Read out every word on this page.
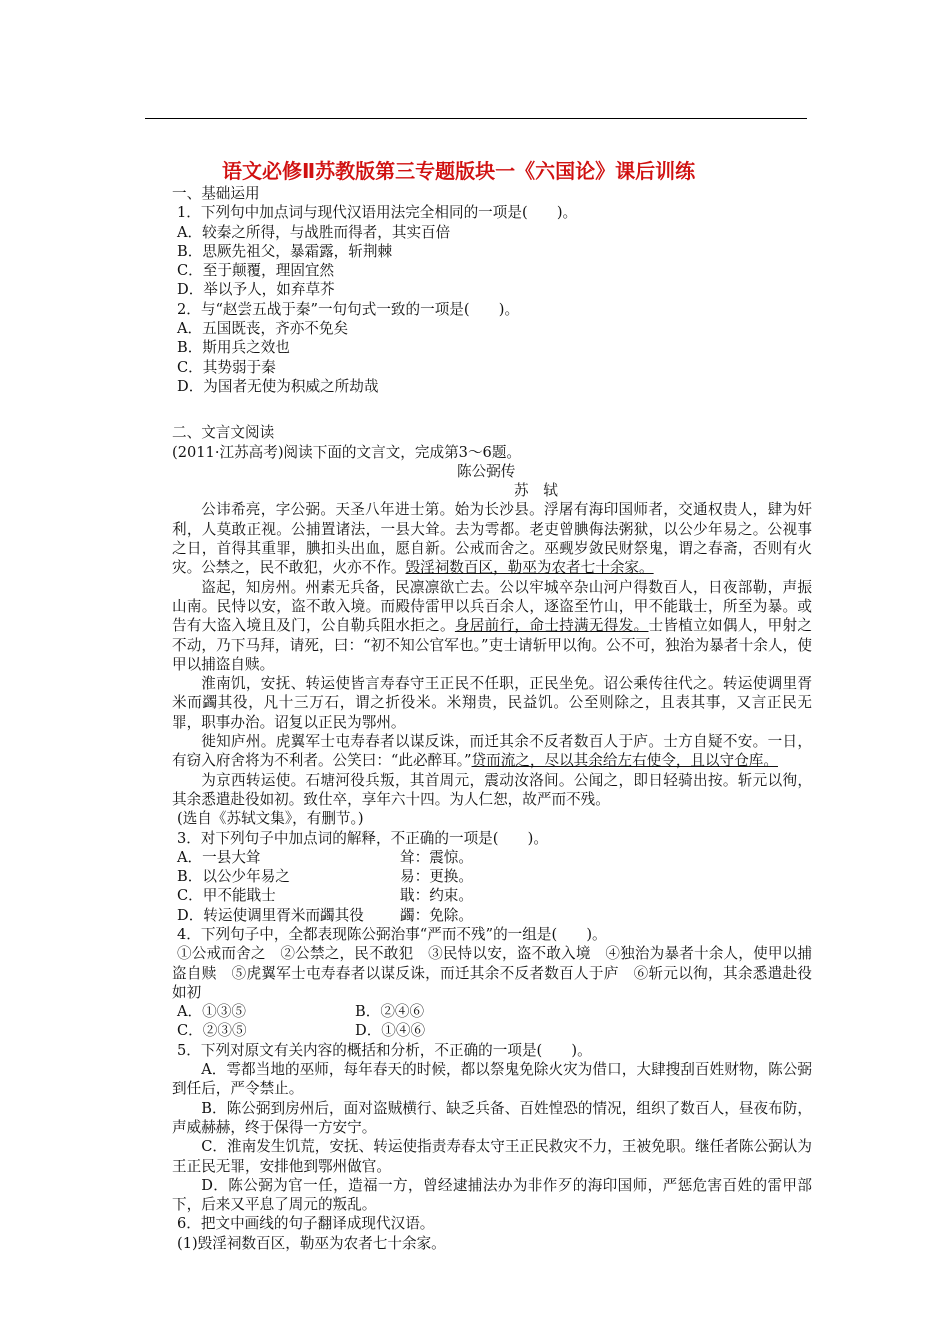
语文必修Ⅱ苏教版第三专题版块一《六国论》课后训练
一、基础运用
1．下列句中加点词与现代汉语用法完全相同的一项是(　　)。
A．较秦之所得，与战胜而得者，其实百倍
B．思厥先祖父，暴霜露，斩荆棘
C．至于颠覆，理固宜然
D．举以予人，如弃草芥
2．与“赵尝五战于秦”一句句式一致的一项是(　　)。
A．五国既丧，齐亦不免矣
B．斯用兵之效也
C．其势弱于秦
D．为国者无使为积威之所劫哉
二、文言文阅读
(2011·江苏高考)阅读下面的文言文，完成第3～6题。
陈公弼传
苏　轼
公讳希亮，字公弼。天圣八年进士第。始为长沙县。浮屠有海印国师者，交通权贵人，肆为奸利，人莫敢正视。公捕置诸法，一县大耸。去为雩都。老吏曾腆侮法粥狱，以公少年易之。公视事之日，首得其重罪，腆扣头出血，愿自新。公戒而舍之。巫觋岁敛民财祭鬼，谓之春斋，否则有火灾。公禁之，民不敢犯，火亦不作。毁淫祠数百区，勒巫为农者七十余家。
盗起，知房州。州素无兵备，民凛凛欲亡去。公以牢城卒杂山河户得数百人，日夜部勒，声振山南。民恃以安，盗不敢入境。而殿侍雷甲以兵百余人，逐盗至竹山，甲不能戢士，所至为暴。或告有大盗入境且及门，公自勒兵阻水拒之。身居前行，命士持满无得发。士皆植立如偶人，甲射之不动，乃下马拜，请死，曰：“初不知公官军也。”吏士请斩甲以徇。公不可，独治为暴者十余人，使甲以捕盗自赎。
淮南饥，安抚、转运使皆言寿春守王正民不任职，正民坐免。诏公乘传往代之。转运使调里胥米而蠲其役，凡十三万石，谓之折役米。米翔贵，民益饥。公至则除之，且表其事，又言正民无罪，职事办治。诏复以正民为鄂州。
徙知庐州。虎翼军士屯寿春者以谋反诛，而迁其余不反者数百人于庐。士方自疑不安。一日，有窃入府舍将为不利者。公笑曰：“此必醉耳。”贷而流之，尽以其余给左右使令，且以守仓库。
为京西转运使。石塘河役兵叛，其首周元，震动汝洛间。公闻之，即日轻骑出按。斩元以徇，其余悉遣赴役如初。致仕卒，享年六十四。为人仁恕，故严而不残。
(选自《苏轼文集》，有删节。)
3．对下列句子中加点词的解释，不正确的一项是(　　)。
A．一县大耸	耸：震惊。
B．以公少年易之	易：更换。
C．甲不能戢士	戢：约束。
D．转运使调里胥米而蠲其役 蠲：免除。
4．下列句子中，全都表现陈公弼治事“严而不残”的一组是(　　)。
①公戒而舍之　②公禁之，民不敢犯　③民恃以安，盗不敢入境　④独治为暴者十余人，使甲以捕盗自赎　⑤虎翼军士屯寿春者以谋反诛，而迁其余不反者数百人于庐　⑥斩元以徇，其余悉遣赴役如初
A．①③⑤	B．②④⑥
C．②③⑤	D．①④⑥
5．下列对原文有关内容的概括和分析，不正确的一项是(　　)。
A．雩都当地的巫师，每年春天的时候，都以祭鬼免除火灾为借口，大肆搜刮百姓财物，陈公弼到任后，严令禁止。
B．陈公弼到房州后，面对盗贼横行、缺乏兵备、百姓惶恐的情况，组织了数百人，昼夜布防，声威赫赫，终于保得一方安宁。
C．淮南发生饥荒，安抚、转运使指责寿春太守王正民救灾不力，王被免职。继任者陈公弼认为王正民无罪，安排他到鄂州做官。
D．陈公弼为官一任，造福一方，曾经逮捕法办为非作歹的海印国师，严惩危害百姓的雷甲部下，后来又平息了周元的叛乱。
6．把文中画线的句子翻译成现代汉语。
(1)毁淫祠数百区，勒巫为农者七十余家。
